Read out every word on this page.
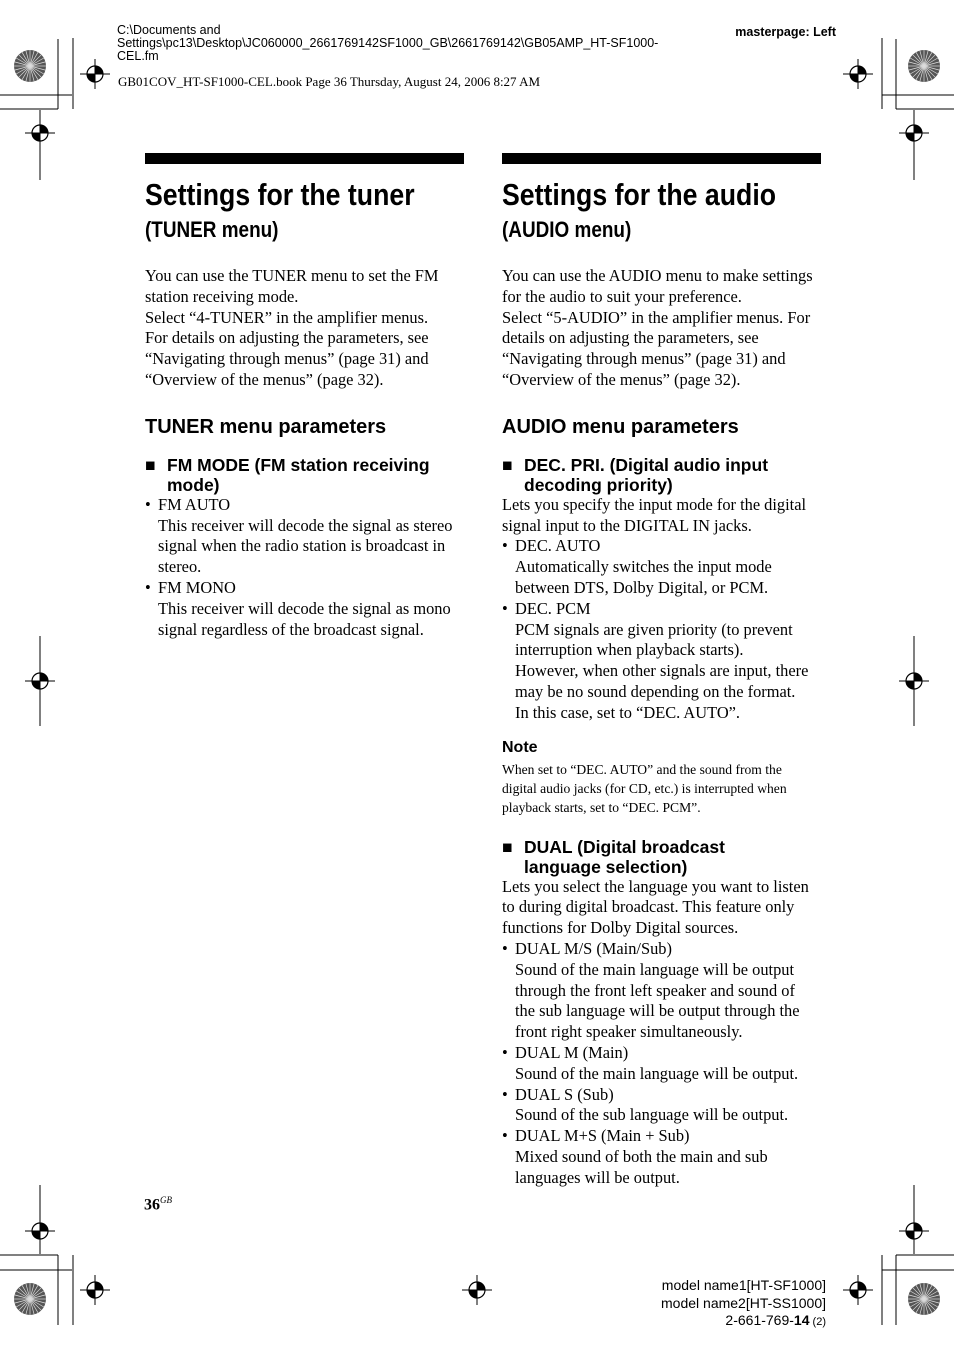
C:\Documents and
Settings\pc13\Desktop\JC060000_2661769142SF1000_GB\2661769142\GB05AMP_HT-SF1000-
CEL.fm
masterpage: Left
GB01COV_HT-SF1000-CEL.book Page 36 Thursday, August 24, 2006 8:27 AM
Settings for the tuner
(TUNER menu)
You can use the TUNER menu to set the FM
station receiving mode.
Select “4-TUNER” in the amplifier menus.
For details on adjusting the parameters, see
“Navigating through menus” (page 31) and
“Overview of the menus” (page 32).
TUNER menu parameters
■ FM MODE (FM station receiving
mode)
• FM AUTO
This receiver will decode the signal as stereo
signal when the radio station is broadcast in
stereo.
• FM MONO
This receiver will decode the signal as mono
signal regardless of the broadcast signal.
Settings for the audio
(AUDIO menu)
You can use the AUDIO menu to make settings
for the audio to suit your preference.
Select “5-AUDIO” in the amplifier menus. For
details on adjusting the parameters, see
“Navigating through menus” (page 31) and
“Overview of the menus” (page 32).
AUDIO menu parameters
■ DEC. PRI. (Digital audio input
decoding priority)
Lets you specify the input mode for the digital
signal input to the DIGITAL IN jacks.
• DEC. AUTO
Automatically switches the input mode
between DTS, Dolby Digital, or PCM.
• DEC. PCM
PCM signals are given priority (to prevent
interruption when playback starts).
However, when other signals are input, there
may be no sound depending on the format.
In this case, set to “DEC. AUTO”.
Note
When set to “DEC. AUTO” and the sound from the
digital audio jacks (for CD, etc.) is interrupted when
playback starts, set to “DEC. PCM”.
■ DUAL (Digital broadcast
language selection)
Lets you select the language you want to listen
to during digital broadcast. This feature only
functions for Dolby Digital sources.
• DUAL M/S (Main/Sub)
Sound of the main language will be output
through the front left speaker and sound of
the sub language will be output through the
front right speaker simultaneously.
• DUAL M (Main)
Sound of the main language will be output.
• DUAL S (Sub)
Sound of the sub language will be output.
• DUAL M+S (Main + Sub)
Mixed sound of both the main and sub
languages will be output.
$36^{GB}$
model name1[HT-SF1000]
model name2[HT-SS1000]
2-661-769-14 (2)
